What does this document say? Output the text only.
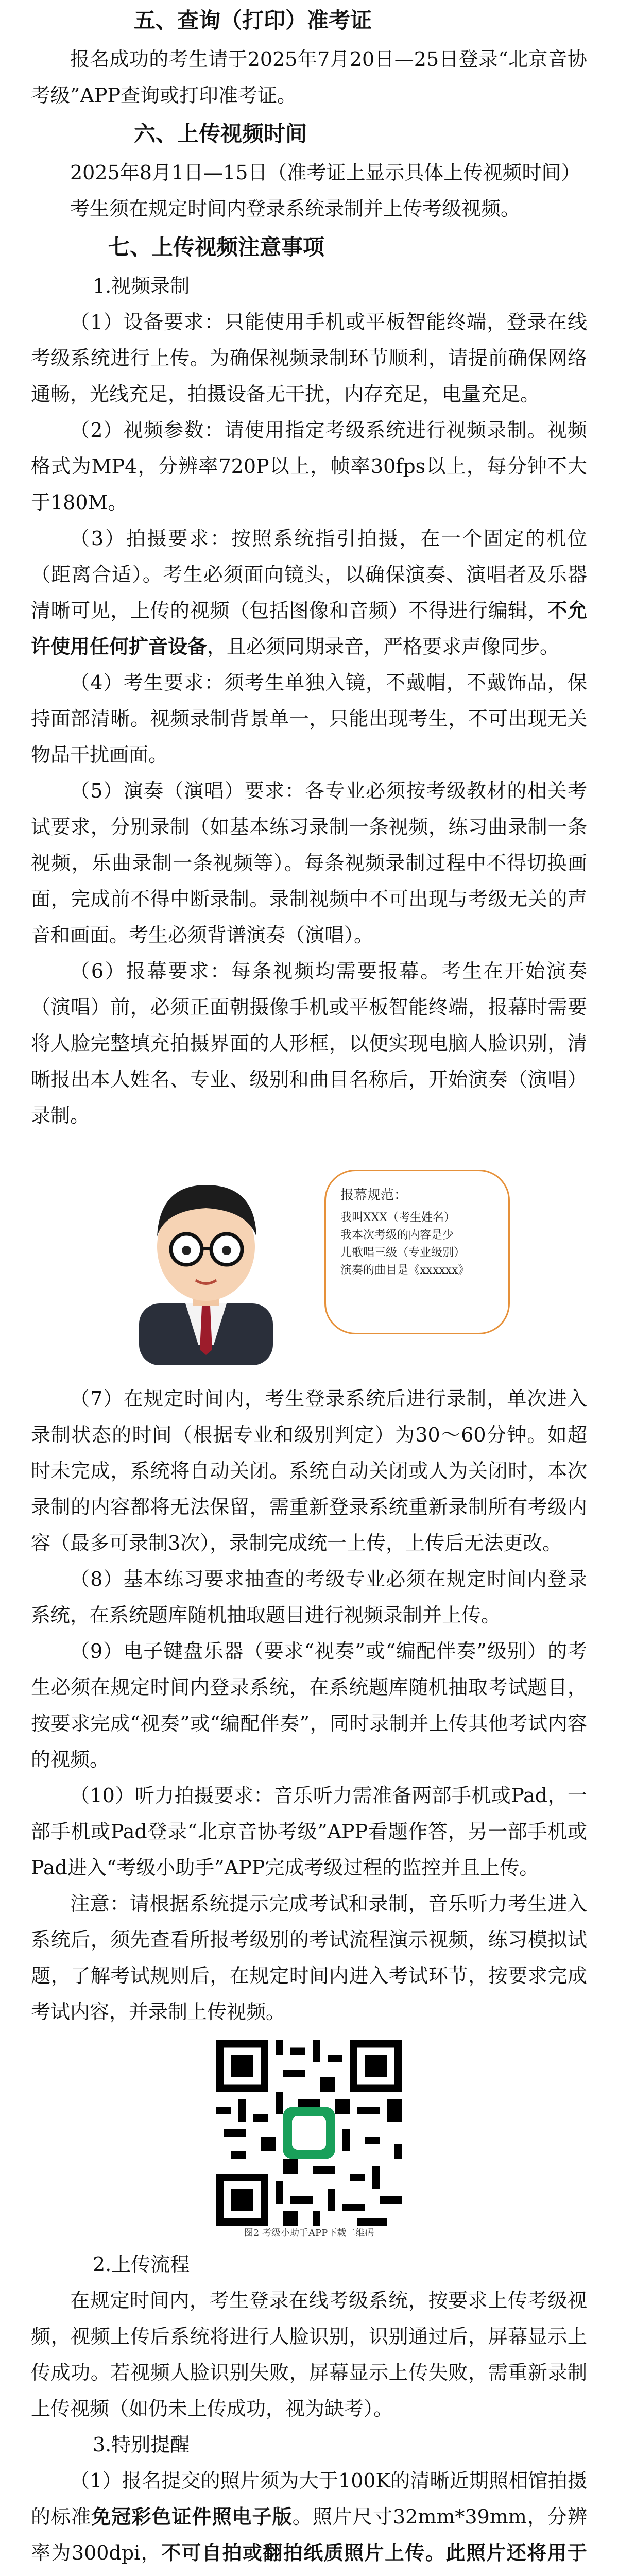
五、查询（打印）准考证

报名成功的考生请于2025年7月20日—25日登录“北京音协考级”APP查询或打印准考证。

六、上传视频时间

2025年8月1日—15日（准考证上显示具体上传视频时间）

考生须在规定时间内登录系统录制并上传考级视频。

七、上传视频注意事项

1.视频录制

（1）设备要求：只能使用手机或平板智能终端，登录在线考级系统进行上传。为确保视频录制环节顺利，请提前确保网络通畅，光线充足，拍摄设备无干扰，内存充足，电量充足。

（2）视频参数：请使用指定考级系统进行视频录制。视频格式为MP4，分辨率720P以上，帧率30fps以上，每分钟不大于180M。

（3）拍摄要求：按照系统指引拍摄，在一个固定的机位（距离合适）。考生必须面向镜头，以确保演奏、演唱者及乐器清晰可见，上传的视频（包括图像和音频）不得进行编辑，不允许使用任何扩音设备，且必须同期录音，严格要求声像同步。

（4）考生要求：须考生单独入镜，不戴帽，不戴饰品，保持面部清晰。视频录制背景单一，只能出现考生，不可出现无关物品干扰画面。

（5）演奏（演唱）要求：各专业必须按考级教材的相关考试要求，分别录制（如基本练习录制一条视频，练习曲录制一条视频，乐曲录制一条视频等）。每条视频录制过程中不得切换画面，完成前不得中断录制。录制视频中不可出现与考级无关的声音和画面。考生必须背谱演奏（演唱）。

（6）报幕要求：每条视频均需要报幕。考生在开始演奏（演唱）前，必须正面朝摄像手机或平板智能终端，报幕时需要将人脸完整填充拍摄界面的人形框，以便实现电脑人脸识别，清晰报出本人姓名、专业、级别和曲目名称后，开始演奏（演唱）录制。

报幕规范：
我叫XXX（考生姓名）
我本次考级的内容是少
儿歌唱三级（专业级别）
演奏的曲目是《xxxxxx》

（7）在规定时间内，考生登录系统后进行录制，单次进入录制状态的时间（根据专业和级别判定）为30～60分钟。如超时未完成，系统将自动关闭。系统自动关闭或人为关闭时，本次录制的内容都将无法保留，需重新登录系统重新录制所有考级内容（最多可录制3次），录制完成统一上传，上传后无法更改。

（8）基本练习要求抽查的考级专业必须在规定时间内登录系统，在系统题库随机抽取题目进行视频录制并上传。

（9）电子键盘乐器（要求“视奏”或“编配伴奏”级别）的考生必须在规定时间内登录系统，在系统题库随机抽取考试题目，按要求完成“视奏”或“编配伴奏”，同时录制并上传其他考试内容的视频。

（10）听力拍摄要求：音乐听力需准备两部手机或Pad，一部手机或Pad登录“北京音协考级”APP看题作答，另一部手机或Pad进入“考级小助手”APP完成考级过程的监控并且上传。

注意：请根据系统提示完成考试和录制，音乐听力考生进入系统后，须先查看所报考级别的考试流程演示视频，练习模拟试题，了解考试规则后，在规定时间内进入考试环节，按要求完成考试内容，并录制上传视频。

图2 考级小助手APP下载二维码

2.上传流程

在规定时间内，考生登录在线考级系统，按要求上传考级视频，视频上传后系统将进行人脸识别，识别通过后，屏幕显示上传成功。若视频人脸识别失败，屏幕显示上传失败，需重新录制上传视频（如仍未上传成功，视为缺考）。

3.特别提醒

（1）报名提交的照片须为大于100K的清晰近期照相馆拍摄的标准免冠彩色证件照电子版。照片尺寸32mm*39mm，分辨率为300dpi，不可自拍或翻拍纸质照片上传。此照片还将用于
